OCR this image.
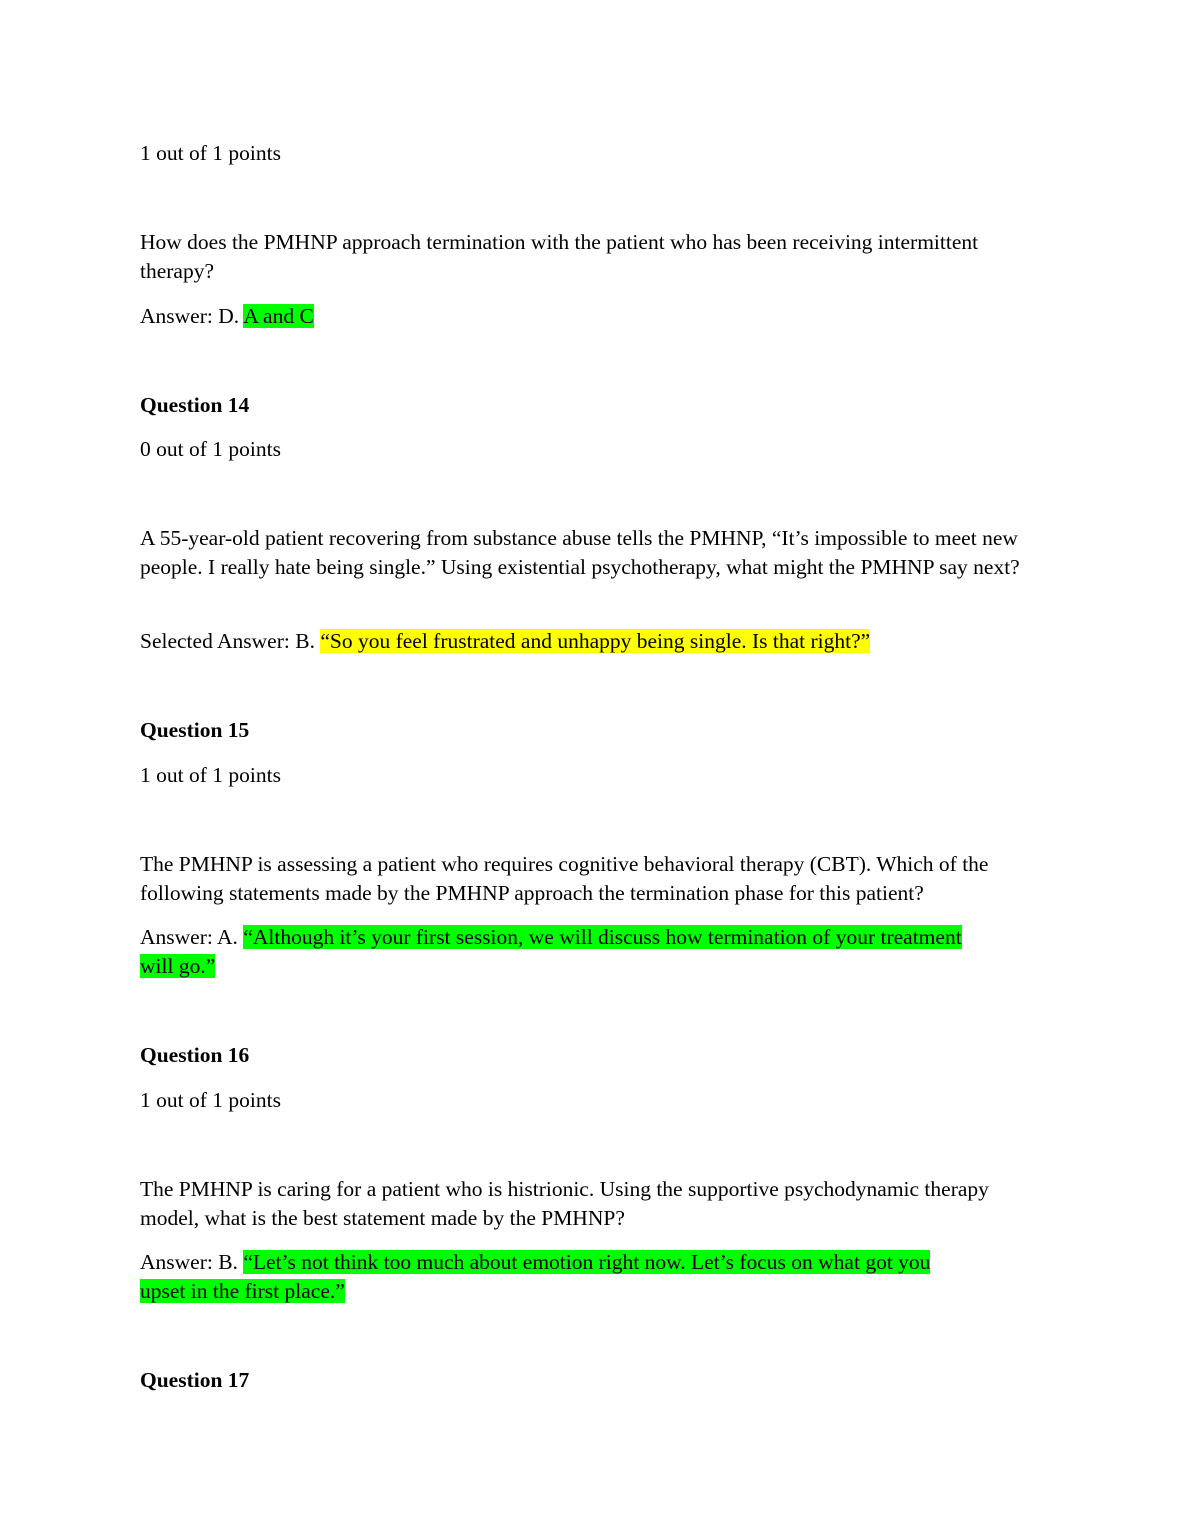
1 out of 1 points
How does the PMHNP approach termination with the patient who has been receiving intermittent therapy?
Answer: D. A and C
Question 14
0 out of 1 points
A 55-year-old patient recovering from substance abuse tells the PMHNP, “It’s impossible to meet new people. I really hate being single.” Using existential psychotherapy, what might the PMHNP say next?
Selected Answer: B. “So you feel frustrated and unhappy being single. Is that right?”
Question 15
1 out of 1 points
The PMHNP is assessing a patient who requires cognitive behavioral therapy (CBT). Which of the following statements made by the PMHNP approach the termination phase for this patient?
Answer: A. “Although it’s your first session, we will discuss how termination of your treatment
will go.”
Question 16
1 out of 1 points
The PMHNP is caring for a patient who is histrionic. Using the supportive psychodynamic therapy model, what is the best statement made by the PMHNP?
Answer: B. “Let’s not think too much about emotion right now. Let’s focus on what got you
upset in the first place.”
Question 17
